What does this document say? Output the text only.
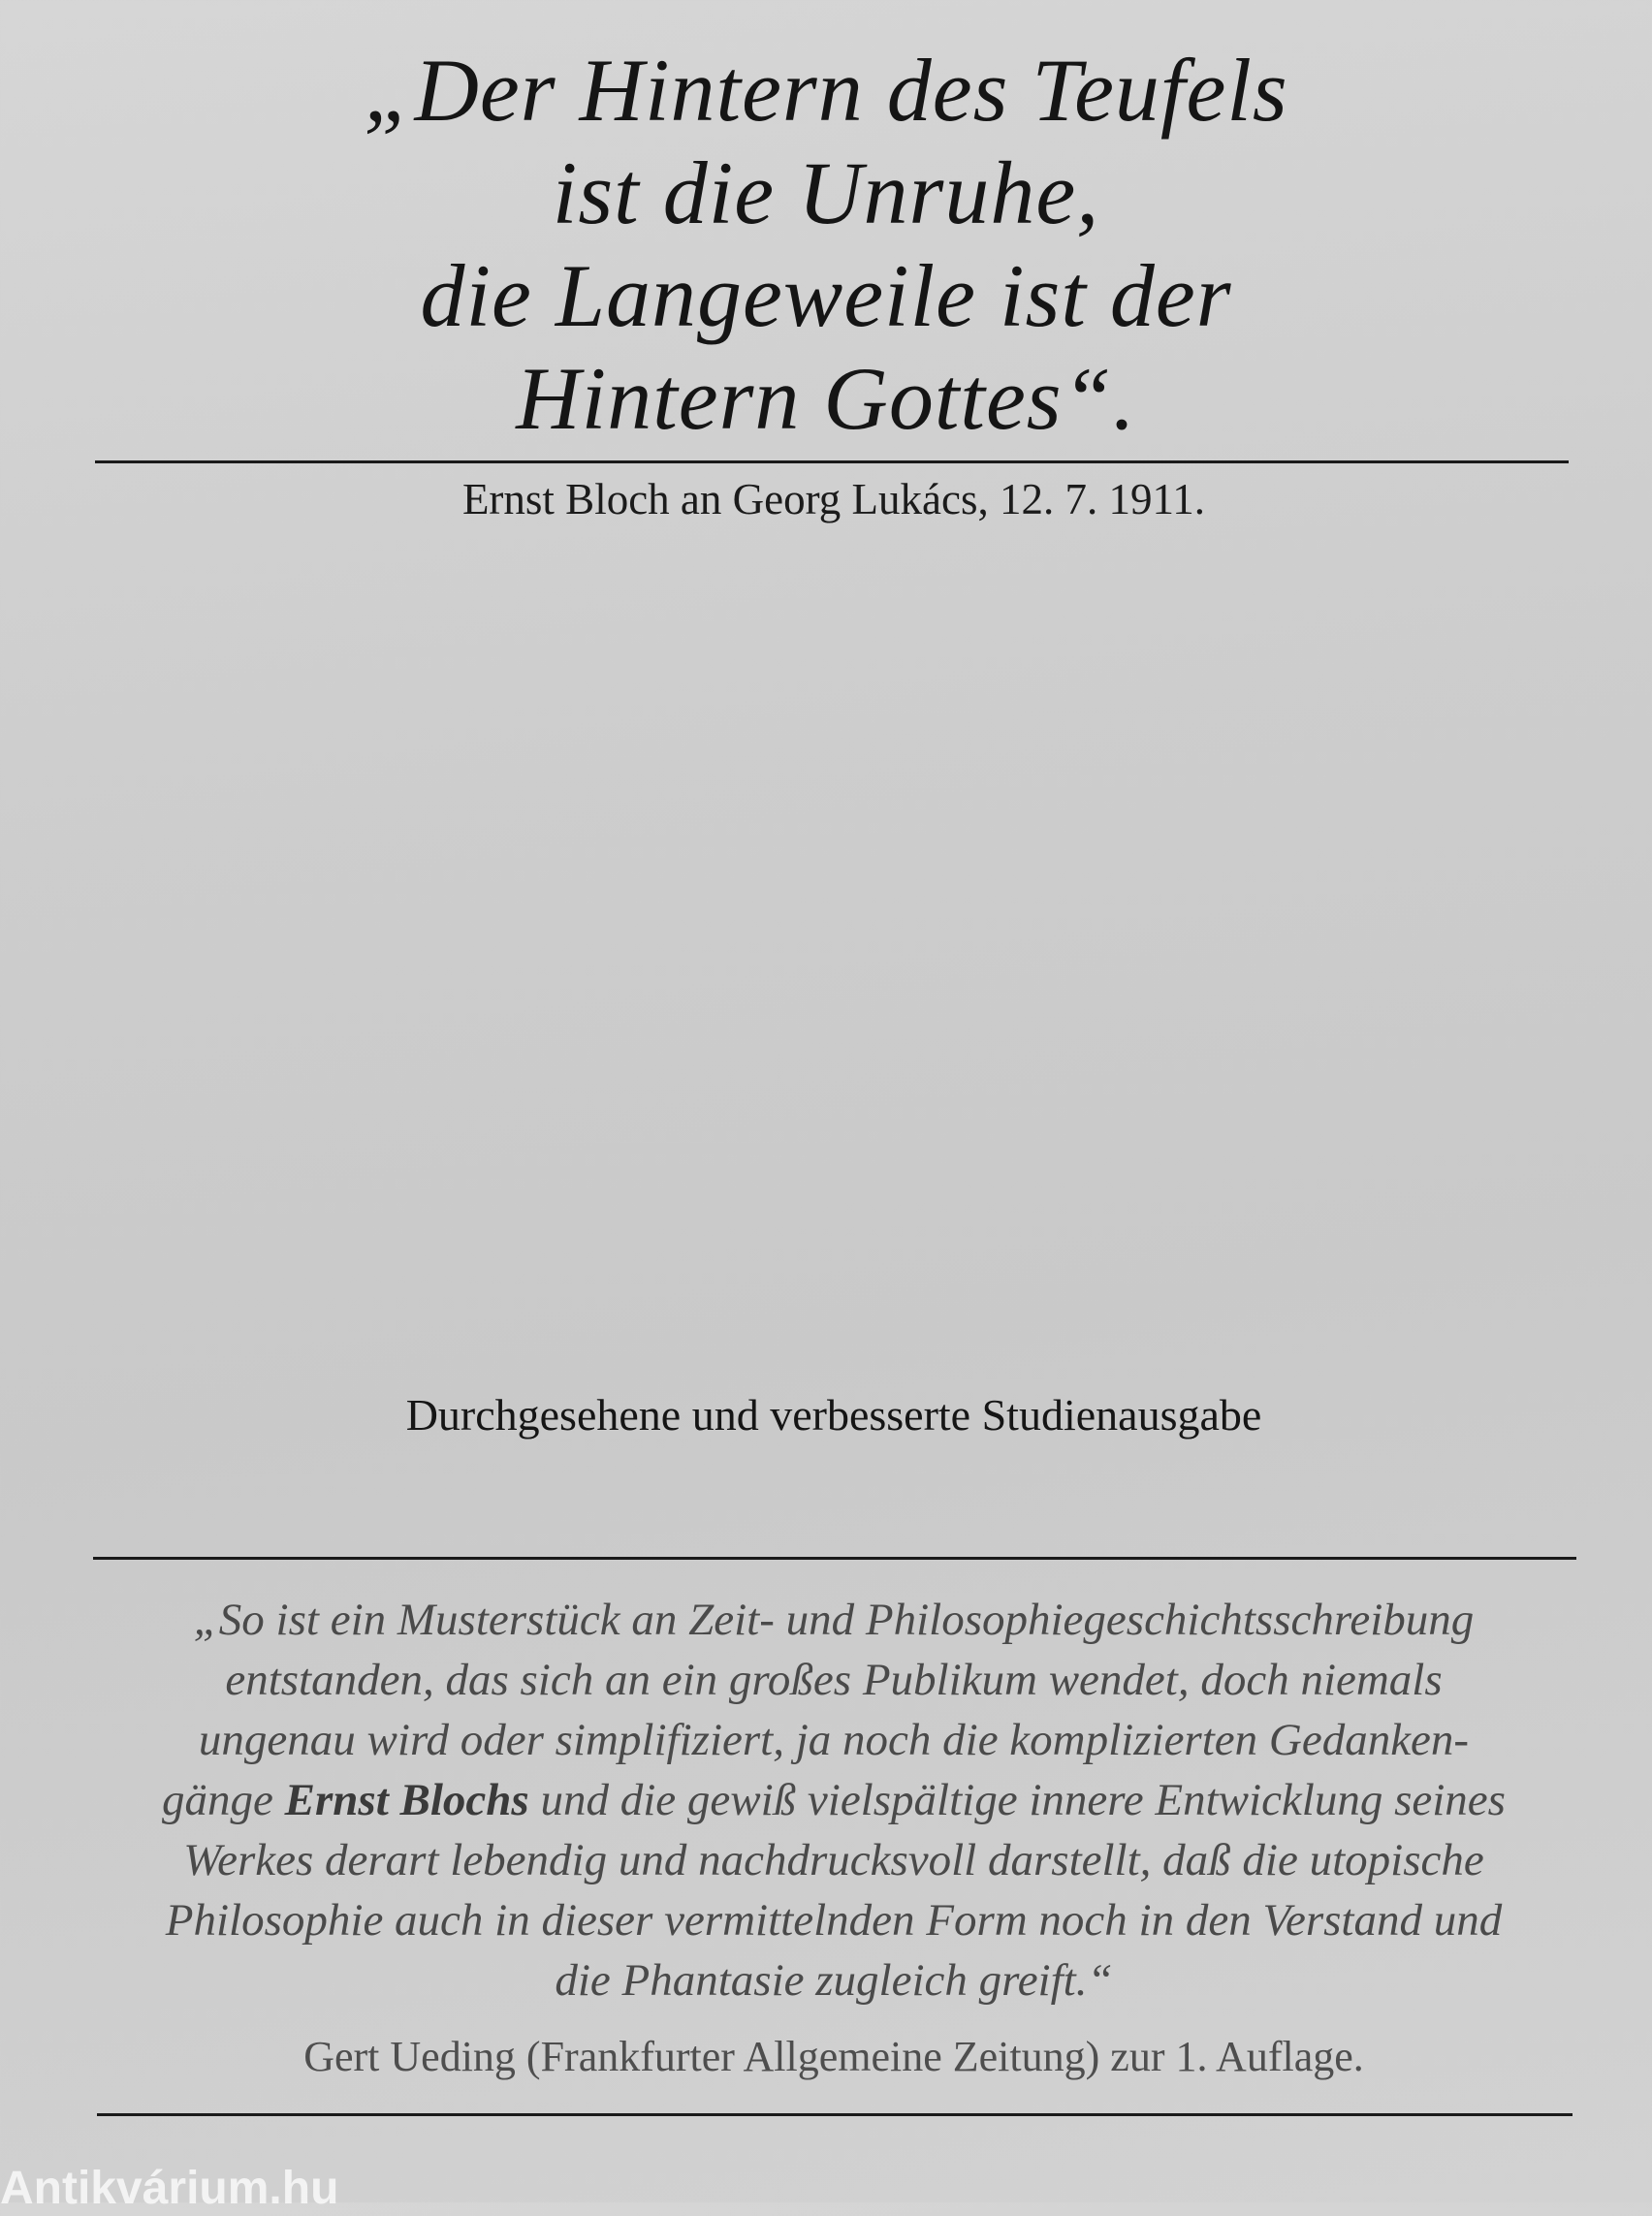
„Der Hintern des Teufels
ist die Unruhe,
die Langeweile ist der
Hintern Gottes“.
Ernst Bloch an Georg Lukács, 12. 7. 1911.
Durchgesehene und verbesserte Studienausgabe
„So ist ein Musterstück an Zeit- und Philosophiegeschichtsschreibung
entstanden, das sich an ein großes Publikum wendet, doch niemals
ungenau wird oder simplifiziert, ja noch die komplizierten Gedanken-
gänge Ernst Blochs und die gewiß vielspältige innere Entwicklung seines
Werkes derart lebendig und nachdrucksvoll darstellt, daß die utopische
Philosophie auch in dieser vermittelnden Form noch in den Verstand und
die Phantasie zugleich greift.“
Gert Ueding (Frankfurter Allgemeine Zeitung) zur 1. Auflage.
Antikvárium.hu
